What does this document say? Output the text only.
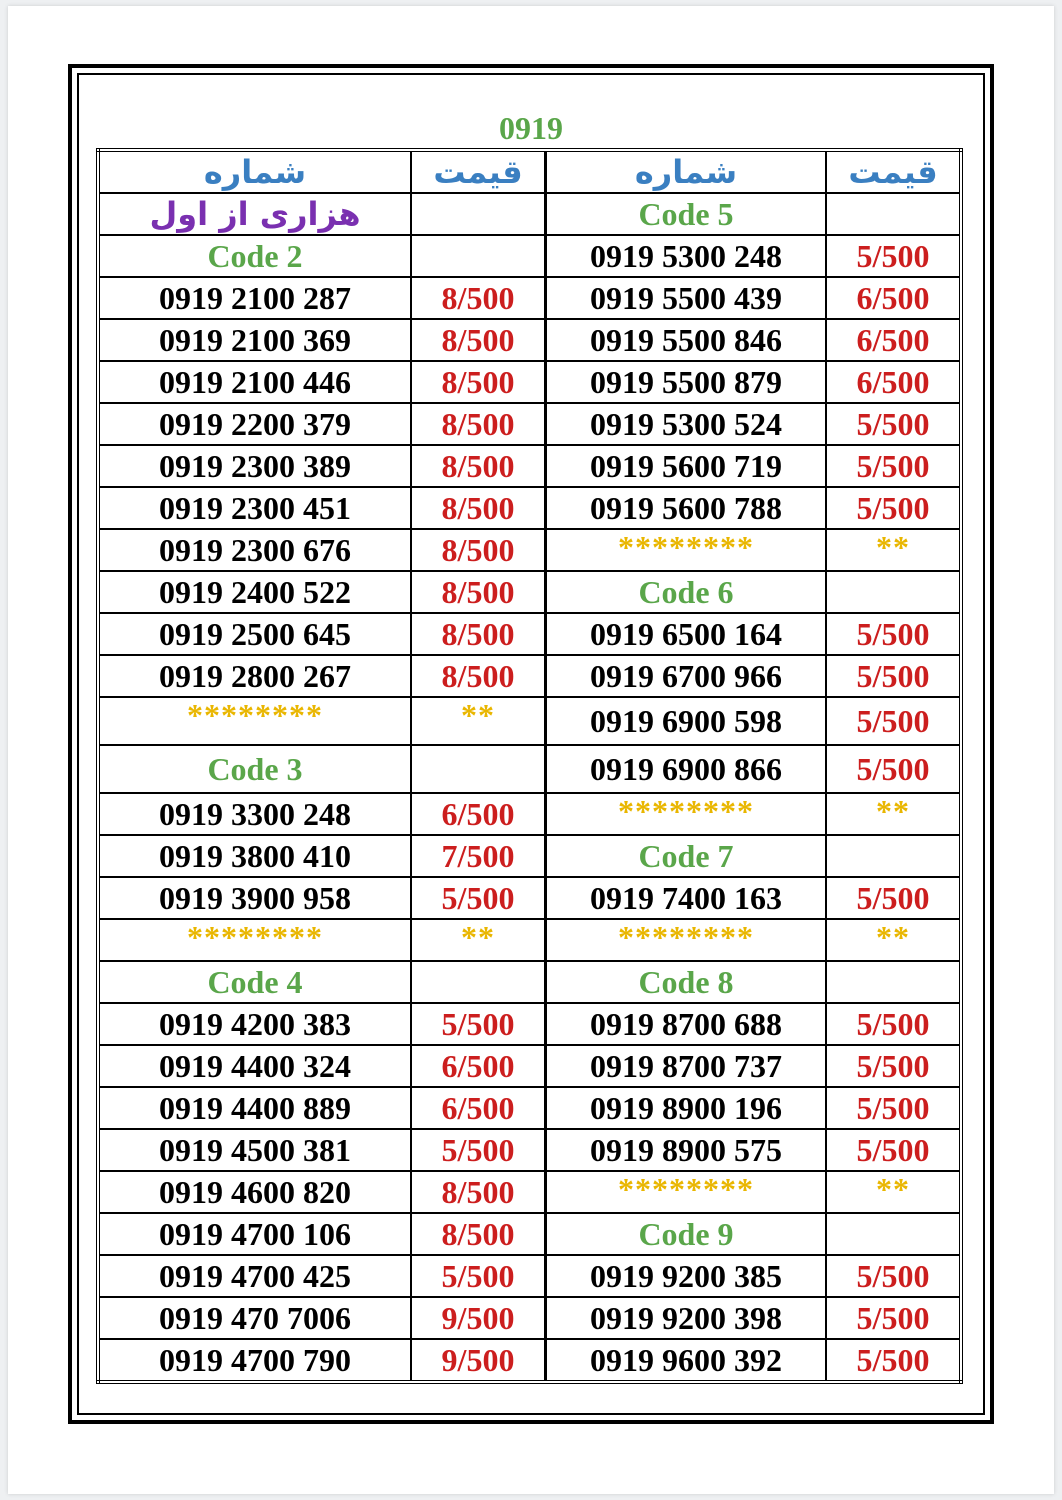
0919
شماره	قیمت	شماره	قیمت
هزاری از اول		Code 5	
Code 2		0919 5300 248	5/500
0919 2100 287	8/500	0919 5500 439	6/500
0919 2100 369	8/500	0919 5500 846	6/500
0919 2100 446	8/500	0919 5500 879	6/500
0919 2200 379	8/500	0919 5300 524	5/500
0919 2300 389	8/500	0919 5600 719	5/500
0919 2300 451	8/500	0919 5600 788	5/500
0919 2300 676	8/500	********	**
0919 2400 522	8/500	Code 6	
0919 2500 645	8/500	0919 6500 164	5/500
0919 2800 267	8/500	0919 6700 966	5/500
********	**	0919 6900 598	5/500
Code 3		0919 6900 866	5/500
0919 3300 248	6/500	********	**
0919 3800 410	7/500	Code 7	
0919 3900 958	5/500	0919 7400 163	5/500
********	**	********	**
Code 4		Code 8	
0919 4200 383	5/500	0919 8700 688	5/500
0919 4400 324	6/500	0919 8700 737	5/500
0919 4400 889	6/500	0919 8900 196	5/500
0919 4500 381	5/500	0919 8900 575	5/500
0919 4600 820	8/500	********	**
0919 4700 106	8/500	Code 9	
0919 4700 425	5/500	0919 9200 385	5/500
0919 470 7006	9/500	0919 9200 398	5/500
0919 4700 790	9/500	0919 9600 392	5/500
